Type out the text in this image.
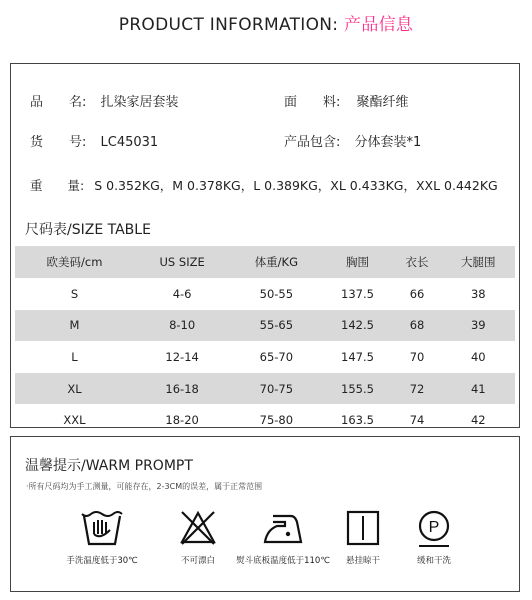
PRODUCT INFORMATION: 产品信息
品　　名: 扎染家居套装	面　　料: 聚酯纤维
货　　号: LC45031	产品包含: 分体套装*1
重　　量: S 0.352KG，M 0.378KG，L 0.389KG，XL 0.433KG，XXL 0.442KG
尺码表/SIZE TABLE
欧美码/cm	US SIZE	体重/KG	胸围	衣长	大腿围
S	4-6	50-55	137.5	66	38
M	8-10	55-65	142.5	68	39
L	12-14	65-70	147.5	70	40
XL	16-18	70-75	155.5	72	41
XXL	18-20	75-80	163.5	74	42
温馨提示/WARM PROMPT
·所有尺码均为手工测量，可能存在，2-3CM的误差，属于正常范围
手洗温度低于30℃	不可漂白	熨斗底板温度低于110℃	悬挂晾干
P
缓和干洗
